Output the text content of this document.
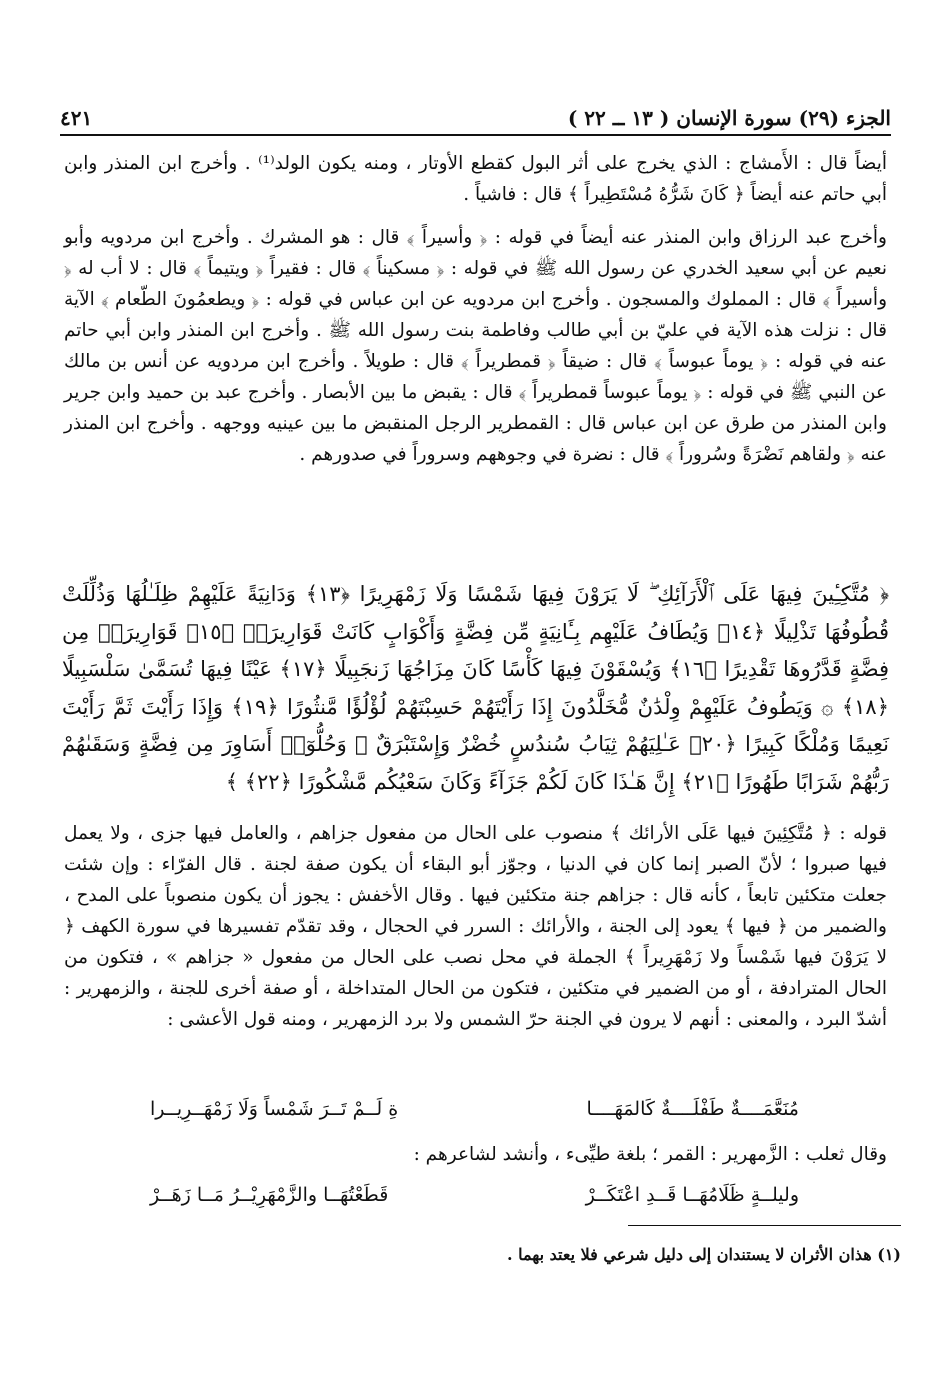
الجزء (٢٩) سورة الإنسان ( ١٣ ــ ٢٢ )
٤٢١

أيضاً قال : الأَمشاج : الذي يخرج على أثر البول كقطع الأوتار ، ومنه يكون الولد⁽¹⁾ . وأخرج ابن المنذر وابن أبي حاتم عنه أيضاً ﴿ كَانَ شَرُّهُ مُسْتَطِيراً ﴾ قال : فاشياً .

وأخرج عبد الرزاق وابن المنذر عنه أيضاً في قوله : ﴿ وأسيراً ﴾ قال : هو المشرك . وأخرج ابن مردويه وأبو نعيم عن أبي سعيد الخدري عن رسول الله ﷺ في قوله : ﴿ مسكيناً ﴾ قال : فقيراً ﴿ ويتيماً ﴾ قال : لا أب له ﴿ وأسيراً ﴾ قال : المملوك والمسجون . وأخرج ابن مردويه عن ابن عباس في قوله : ﴿ ويطعمُونَ الطّعام ﴾ الآية قال : نزلت هذه الآية في عليّ بن أبي طالب وفاطمة بنت رسول الله ﷺ . وأخرج ابن المنذر وابن أبي حاتم عنه في قوله : ﴿ يوماً عبوساً ﴾ قال : ضيقاً ﴿ قمطريراً ﴾ قال : طويلاً . وأخرج ابن مردويه عن أنس بن مالك عن النبي ﷺ في قوله : ﴿ يوماً عبوساً قمطريراً ﴾ قال : يقبض ما بين الأبصار . وأخرج عبد بن حميد وابن جرير وابن المنذر من طرق عن ابن عباس قال : القمطرير الرجل المنقبض ما بين عينيه ووجهه . وأخرج ابن المنذر عنه ﴿ ولقاهم نَضْرَةً وسُروراً ﴾ قال : نضرة في وجوههم وسروراً في صدورهم .

﴿ مُتَّكِـِٔينَ فِيهَا عَلَى ٱلْأَرَآئِكِ ۖ لَا يَرَوْنَ فِيهَا شَمْسًا وَلَا زَمْهَرِيرًا ﴿١٣﴾ وَدَانِيَةً عَلَيْهِمْ ظِلَـٰلُهَا وَذُلِّلَتْ قُطُوفُهَا تَذْلِيلًا ﴿١٤﴾ وَيُطَافُ عَلَيْهِم بِـَٔانِيَةٍ مِّن فِضَّةٍ وَأَكْوَابٍ كَانَتْ قَوَارِيرَا۠ ﴿١٥﴾ قَوَارِيرَا۟ مِن فِضَّةٍ قَدَّرُوهَا تَقْدِيرًا ﴿١٦﴾ وَيُسْقَوْنَ فِيهَا كَأْسًا كَانَ مِزَاجُهَا زَنجَبِيلًا ﴿١٧﴾ عَيْنًا فِيهَا تُسَمَّىٰ سَلْسَبِيلًا ﴿١٨﴾ ۞ وَيَطُوفُ عَلَيْهِمْ وِلْدَٰنٌ مُّخَلَّدُونَ إِذَا رَأَيْتَهُمْ حَسِبْتَهُمْ لُؤْلُؤًا مَّنثُورًا ﴿١٩﴾ وَإِذَا رَأَيْتَ ثَمَّ رَأَيْتَ نَعِيمًا وَمُلْكًا كَبِيرًا ﴿٢٠﴾ عَـٰلِيَهُمْ ثِيَابُ سُندُسٍ خُضْرٌ وَإِسْتَبْرَقٌ ۖ وَحُلُّوٓا۟ أَسَاوِرَ مِن فِضَّةٍ وَسَقَىٰهُمْ رَبُّهُمْ شَرَابًا طَهُورًا ﴿٢١﴾ إِنَّ هَـٰذَا كَانَ لَكُمْ جَزَآءً وَكَانَ سَعْيُكُم مَّشْكُورًا ﴿٢٢﴾ ﴾

قوله : ﴿ مُتَّكِئِينَ فيها عَلَى الأرائك ﴾ منصوب على الحال من مفعول جزاهم ، والعامل فيها جزى ، ولا يعمل فيها صبروا ؛ لأنّ الصبر إنما كان في الدنيا ، وجوّز أبو البقاء أن يكون صفة لجنة . قال الفرّاء : وإن شئت جعلت متكئين تابعاً ، كأنه قال : جزاهم جنة متكئين فيها . وقال الأخفش : يجوز أن يكون منصوباً على المدح ، والضمير من ﴿ فيها ﴾ يعود إلى الجنة ، والأرائك : السرر في الحجال ، وقد تقدّم تفسيرها في سورة الكهف ﴿ لا يَرَوْنَ فيها شَمْساً ولا زَمْهَرِيراً ﴾ الجملة في محل نصب على الحال من مفعول « جزاهم » ، فتكون من الحال المترادفة ، أو من الضمير في متكئين ، فتكون من الحال المتداخلة ، أو صفة أخرى للجنة ، والزمهرير : أشدّ البرد ، والمعنى : أنهم لا يرون في الجنة حرّ الشمس ولا برد الزمهرير ، ومنه قول الأعشى :

مُنَعَّمَــــةٌ طَفْلَــــةٌ كَالمَهَــــا
ةِ لَــمْ تَــرَ شَمْساً وَلَا زَمْهَــرِيــرا

وقال ثعلب : الزَّمهرير : القمر ؛ بلغة طيِّىء ، وأنشد لشاعرهم :

وليلــةٍ ظَلَامُهَــا قَــدِ اعْتَكَــرْ
قَطَعْتُهَــا والزَّمْهَرِيْــرُ مَــا زَهَــرْ
(١) هذان الأثران لا يستندان إلى دليل شرعي فلا يعتد بهما .
